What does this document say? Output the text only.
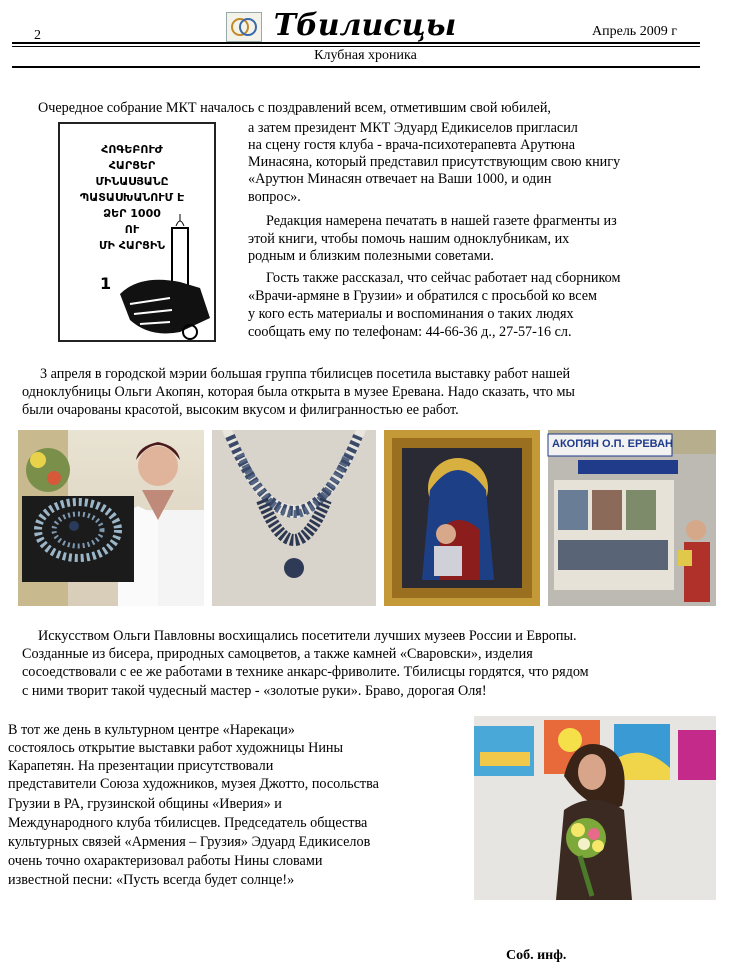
2	Тбилисцы	Апрель 2009 г
Клубная хроника
Очередное собрание МКТ началось с поздравлений всем, отметившим свой юбилей,
ՀՈԳԵԲՈՒԺ
ՀԱՐՑԵՐ
ՄԻՆԱՍՅԱՆԸ
ՊԱՏԱՍԽԱՆՈՒՄ Է
ՁԵՐ 1000
ՈՒ
ՄԻ ՀԱՐՑԻՆ
1
а затем президент МКТ Эдуард Едикиселов пригласил
на сцену гостя клуба - врача-психотерапевта Арутюна
Минасяна, который представил присутствующим свою книгу
«Арутюн Минасян отвечает на Ваши 1000, и один
вопрос».
Редакция намерена печатать в нашей газете фрагменты из
этой книги, чтобы помочь нашим одноклубникам, их
родным и близким полезными советами.
Гость также рассказал, что сейчас работает над сборником
«Врачи-армяне в Грузии» и обратился с просьбой ко всем
у кого есть материалы и воспоминания о таких людях
сообщать ему по телефонам: 44-66-36 д., 27-57-16 сл.
3 апреля в городской мэрии большая группа тбилисцев посетила выставку работ нашей
одноклубницы Ольги Акопян, которая была открыта в музее Еревана. Надо сказать, что мы
были очарованы красотой, высоким вкусом и филигранностью ее работ.
АКОПЯН О.П. ЕРЕВАН
Искусством Ольги Павловны восхищались посетители лучших музеев России и Европы.
Созданные из бисера, природных самоцветов, а также камней «Сваровски», изделия
сосоедствовали с ее же работами в технике анкарс-фриволите. Тбилисцы гордятся, что рядом
с ними творит такой чудесный мастер - «золотые руки». Браво, дорогая Оля!
В тот же день в культурном центре «Нарекаци»
состоялось открытие выставки работ художницы Нины
Карапетян. На презентации присутствовали
представители Союза художников, музея Джотто, посольства
Грузии в РА, грузинской общины «Иверия» и
Международного клуба тбилисцев. Председатель общества
культурных связей «Армения – Грузия» Эдуард Едикиселов
очень точно охарактеризовал работы Нины словами
известной песни: «Пусть всегда будет солнце!»
Соб. инф.
